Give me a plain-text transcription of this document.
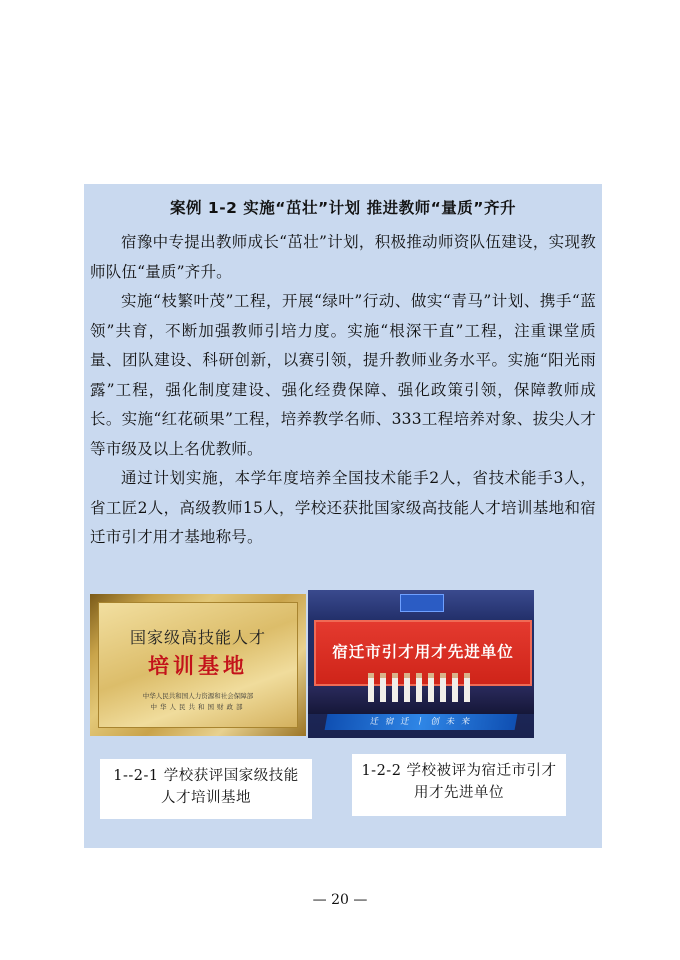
案例 1-2 实施“茁壮”计划 推进教师“量质”齐升

宿豫中专提出教师成长“茁壮”计划，积极推动师资队伍建设，实现教师队伍“量质”齐升。

实施“枝繁叶茂”工程，开展“绿叶”行动、做实“青马”计划、携手“蓝领”共育，不断加强教师引培力度。实施“根深干直”工程，注重课堂质量、团队建设、科研创新，以赛引领，提升教师业务水平。实施“阳光雨露”工程，强化制度建设、强化经费保障、强化政策引领，保障教师成长。实施“红花硕果”工程，培养教学名师、333工程培养对象、拔尖人才等市级及以上名优教师。

通过计划实施，本学年度培养全国技术能手2人，省技术能手3人，省工匠2人，高级教师15人，学校还获批国家级高技能人才培训基地和宿迁市引才用才基地称号。

国家级高技能人才
培训基地
中华人民共和国人力资源和社会保障部
中华人民共和国财政部
宿迁市引才用才先进单位
迁 宿 迁 丨 创 未 来
1--2-1 学校获评国家级技能人才培训基地
1-2-2 学校被评为宿迁市引才用才先进单位
— 20 —
